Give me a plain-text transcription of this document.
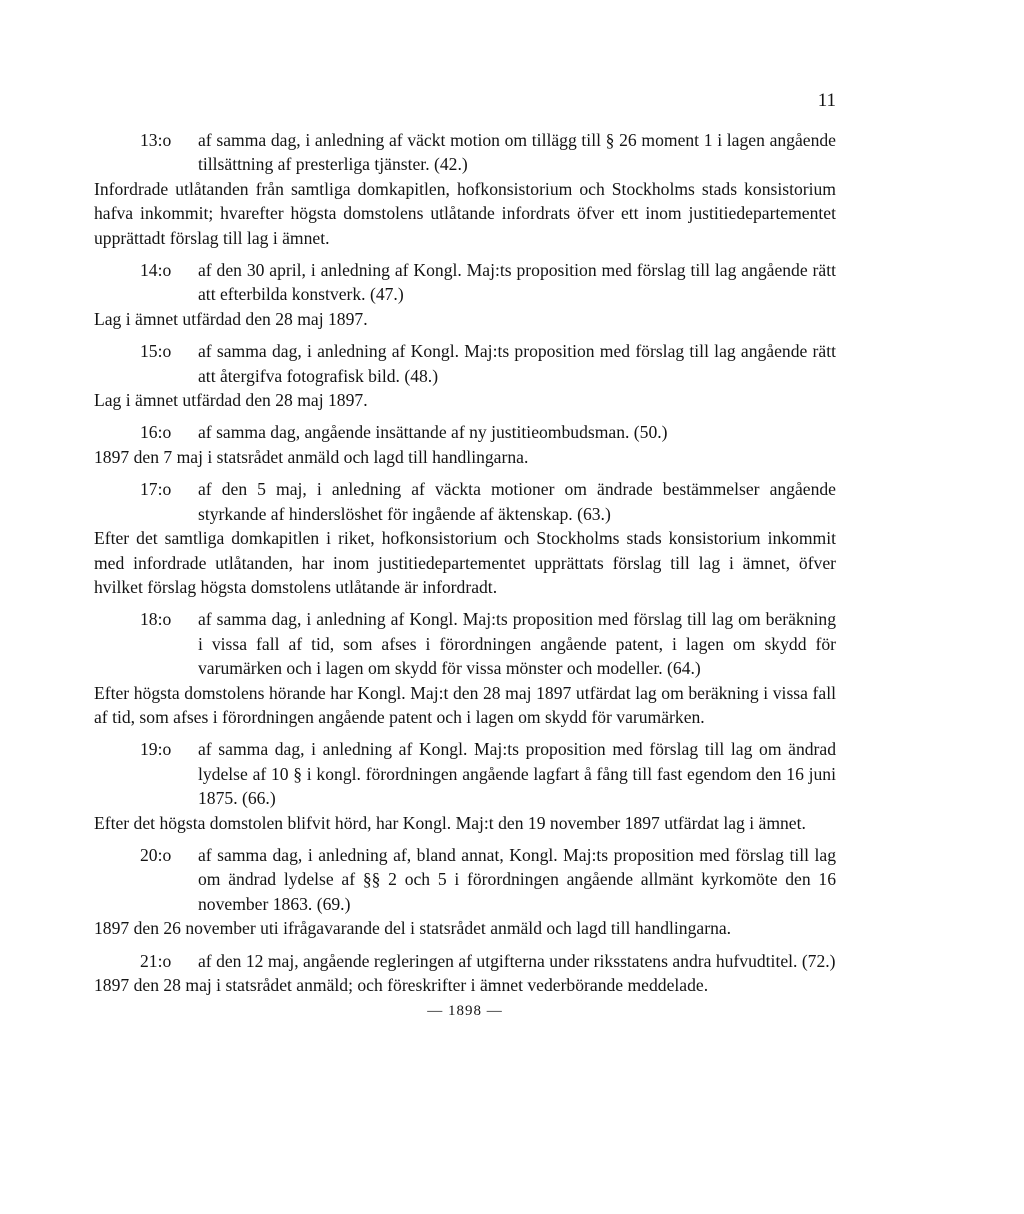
11
13:o	af samma dag, i anledning af väckt motion om tillägg till § 26 moment 1 i lagen angående tillsättning af presterliga tjänster. (42.)

Infordrade utlåtanden från samtliga domkapitlen, hofkonsistorium och Stockholms stads konsistorium hafva inkommit; hvarefter högsta domstolens utlåtande infordrats öfver ett inom justitiedepartementet upprättadt förslag till lag i ämnet.

14:o	af den 30 april, i anledning af Kongl. Maj:ts proposition med förslag till lag angående rätt att efterbilda konstverk. (47.)

Lag i ämnet utfärdad den 28 maj 1897.

15:o	af samma dag, i anledning af Kongl. Maj:ts proposition med förslag till lag angående rätt att återgifva fotografisk bild. (48.)

Lag i ämnet utfärdad den 28 maj 1897.

16:o	af samma dag, angående insättande af ny justitieombudsman. (50.)

1897 den 7 maj i statsrådet anmäld och lagd till handlingarna.

17:o	af den 5 maj, i anledning af väckta motioner om ändrade bestämmelser angående styrkande af hinderslöshet för ingående af äktenskap. (63.)

Efter det samtliga domkapitlen i riket, hofkonsistorium och Stockholms stads konsistorium inkommit med infordrade utlåtanden, har inom justitiedepartementet upprättats förslag till lag i ämnet, öfver hvilket förslag högsta domstolens utlåtande är infordradt.

18:o	af samma dag, i anledning af Kongl. Maj:ts proposition med förslag till lag om beräkning i vissa fall af tid, som afses i förordningen angående patent, i lagen om skydd för varumärken och i lagen om skydd för vissa mönster och modeller. (64.)

Efter högsta domstolens hörande har Kongl. Maj:t den 28 maj 1897 utfärdat lag om beräkning i vissa fall af tid, som afses i förordningen angående patent och i lagen om skydd för varumärken.

19:o	af samma dag, i anledning af Kongl. Maj:ts proposition med förslag till lag om ändrad lydelse af 10 § i kongl. förordningen angående lagfart å fång till fast egendom den 16 juni 1875. (66.)

Efter det högsta domstolen blifvit hörd, har Kongl. Maj:t den 19 november 1897 utfärdat lag i ämnet.

20:o	af samma dag, i anledning af, bland annat, Kongl. Maj:ts proposition med förslag till lag om ändrad lydelse af §§ 2 och 5 i förordningen angående allmänt kyrkomöte den 16 november 1863. (69.)

1897 den 26 november uti ifrågavarande del i statsrådet anmäld och lagd till handlingarna.

21:o	af den 12 maj, angående regleringen af utgifterna under riksstatens andra hufvudtitel. (72.)

1897 den 28 maj i statsrådet anmäld; och föreskrifter i ämnet vederbörande meddelade.

— 1898 —
